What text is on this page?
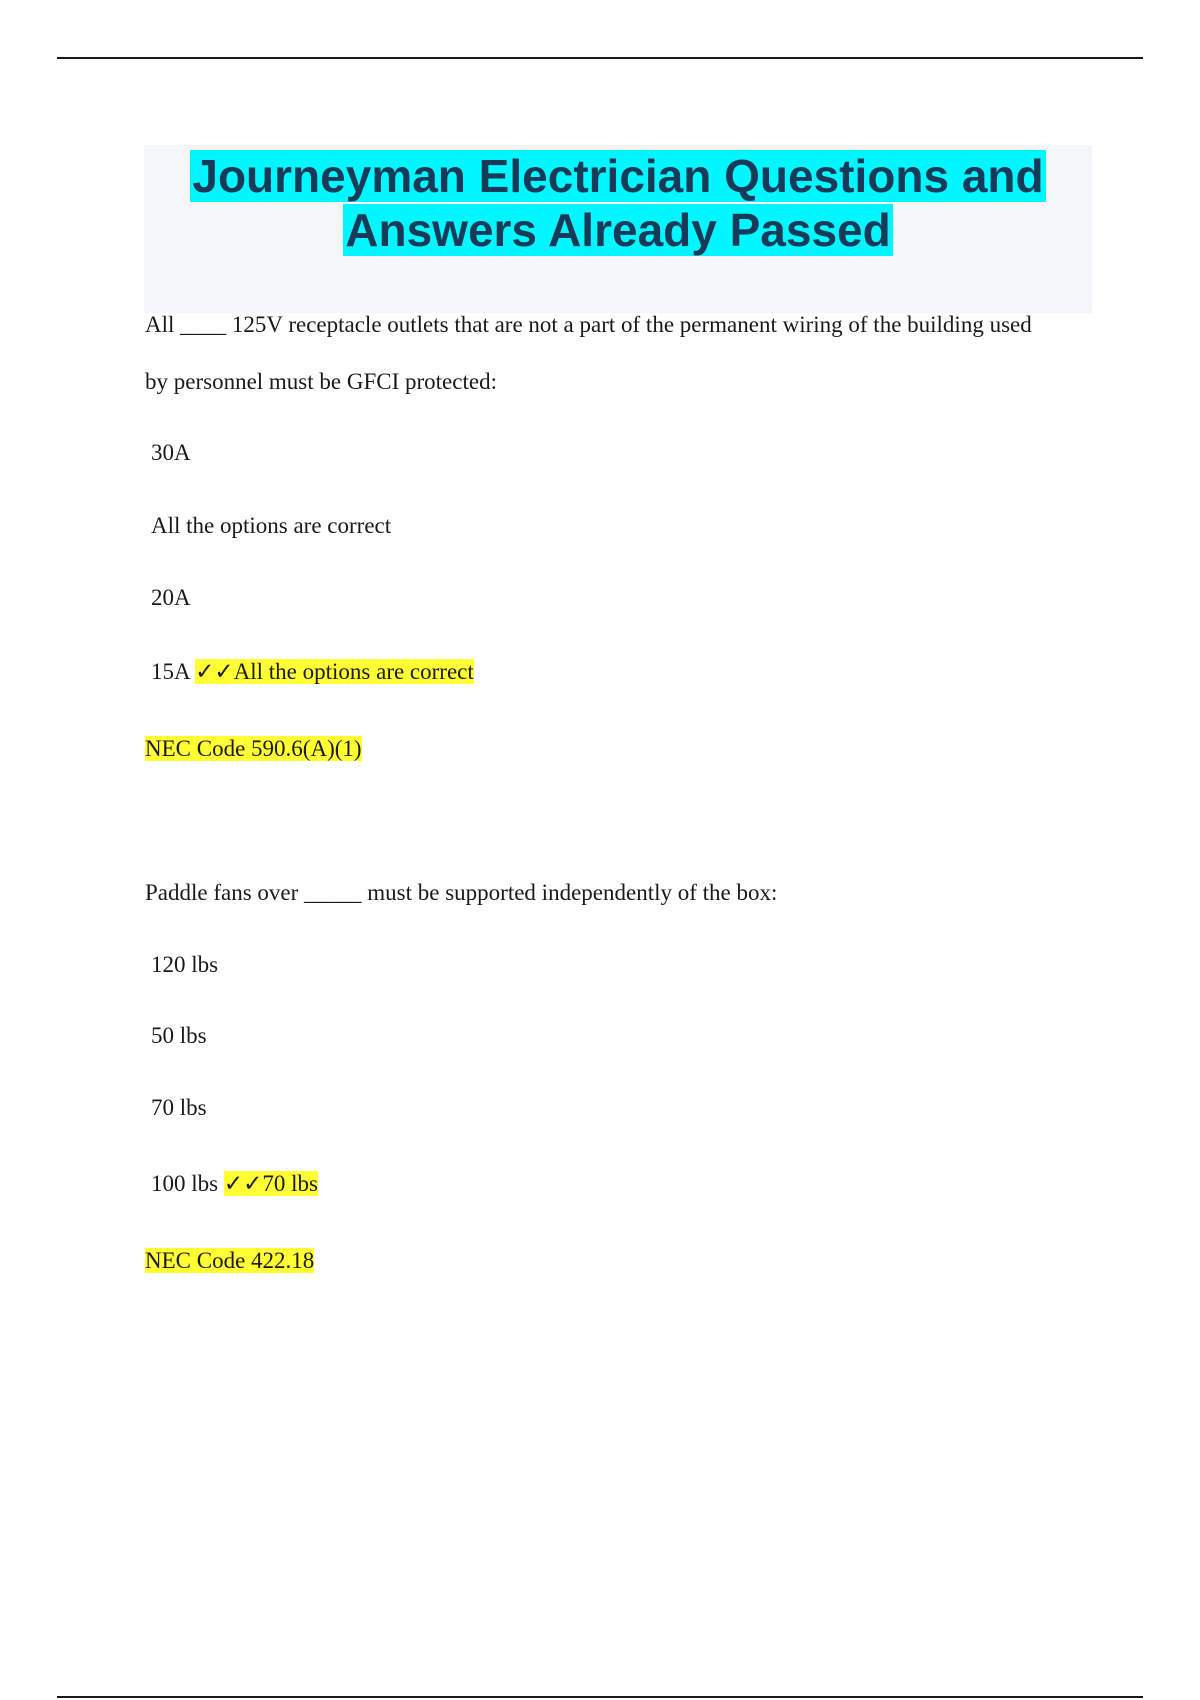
Journeyman Electrician Questions and

Answers Already Passed

All ____ 125V receptacle outlets that are not a part of the permanent wiring of the building used

by personnel must be GFCI protected:

30A

All the options are correct

20A

15A ✓✓All the options are correct

NEC Code 590.6(A)(1)

Paddle fans over _____ must be supported independently of the box:

120 lbs

50 lbs

70 lbs

100 lbs ✓✓70 lbs

NEC Code 422.18
